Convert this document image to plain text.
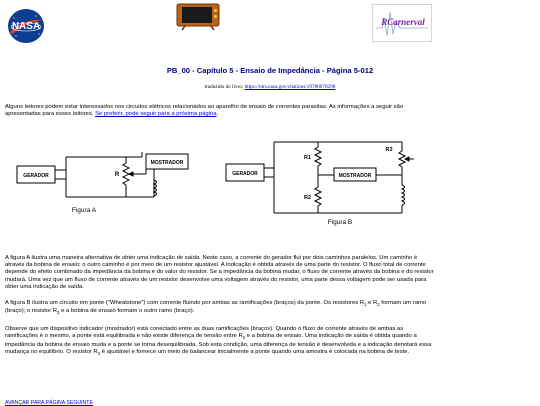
NASA	RCarnerval
PB_00 - Capítulo 5 - Ensaio de Impedância - Página 5-012
traduzido do livro: https://ntrs.nasa.gov/citations/19780078298
Alguns leitores podem estar interessados nos circuitos elétricos relacionados ao aparelho de ensaio de correntes parasitas. As informações a seguir são apresentadas para esses leitores. Se preferir, pode seguir para a próxima página.
GERADOR
MOSTRADOR
R
Figura A
GERADOR	MOSTRADOR
R1
R2
R3
Figura B
A figura A ilustra uma maneira alternativa de obter uma indicação de saída. Neste caso, a corrente do gerador flui por dois caminhos paralelos. Um caminho é através da bobina de ensaio; o outro caminho é por meio de um resistor ajustável. A indicação é obtida através de uma parte do resistor. O fluxo total de corrente depende do efeito combinado da impedância da bobina e do valor do resistor. Se a impedância da bobina mudar, o fluxo de corrente através da bobina e do resistor mudará. Uma vez que um fluxo de corrente através de um resistor desenvolve uma voltagem através do resistor, uma parte dessa voltagem pode ser usada para obter uma indicação de saída.
A figura B ilustra um circuito em ponte ("Wheatstone") com corrente fluindo por ambas as ramificações (braços) da ponte. Os resistores $R_1$ e $R_2$ formam um ramo (braço); o resistor $R_3$ e a bobina de ensaio formam o outro ramo (braço).
Observe que um dispositivo indicador (mostrador) está conectado entre as duas ramificações (braços). Quando o fluxo de corrente através de ambas as ramificações é o mesmo, a ponte está equilibrada e não existe diferença de tensão entre $R_2$ e a bobina de ensaio. Uma indicação de saída é obtida quando a impedância da bobina de ensaio muda e a ponte se torna desequilibrada. Sob esta condição, uma diferença de tensão é desenvolvida e a indicação denotará essa mudança no equilíbrio. O resistor $R_3$ é ajustável e fornece um meio de balancear inicialmente a ponte quando uma amostra é colocada na bobina de teste.
AVANÇAR PARA PÁGINA SEGUINTE
